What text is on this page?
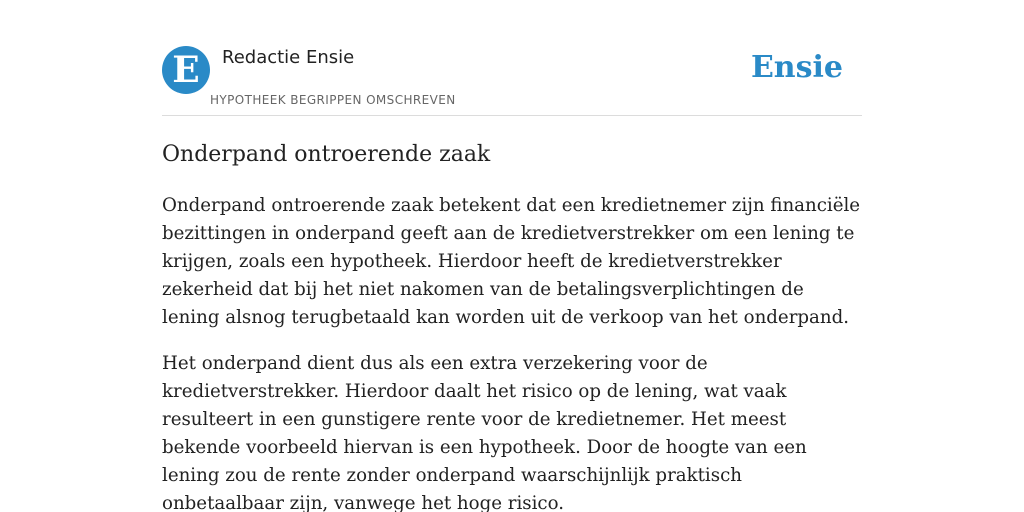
E	Redactie Ensie
HYPOTHEEK BEGRIPPEN OMSCHREVEN
Ensie
Onderpand ontroerende zaak

Onderpand ontroerende zaak betekent dat een kredietnemer zijn financiële bezittingen in onderpand geeft aan de kredietverstrekker om een lening te krijgen, zoals een hypotheek. Hierdoor heeft de kredietverstrekker zekerheid dat bij het niet nakomen van de betalingsverplichtingen de lening alsnog terugbetaald kan worden uit de verkoop van het onderpand.

Het onderpand dient dus als een extra verzekering voor de kredietverstrekker. Hierdoor daalt het risico op de lening, wat vaak resulteert in een gunstigere rente voor de kredietnemer. Het meest bekende voorbeeld hiervan is een hypotheek. Door de hoogte van een lening zou de rente zonder onderpand waarschijnlijk praktisch onbetaalbaar zijn, vanwege het hoge risico.
